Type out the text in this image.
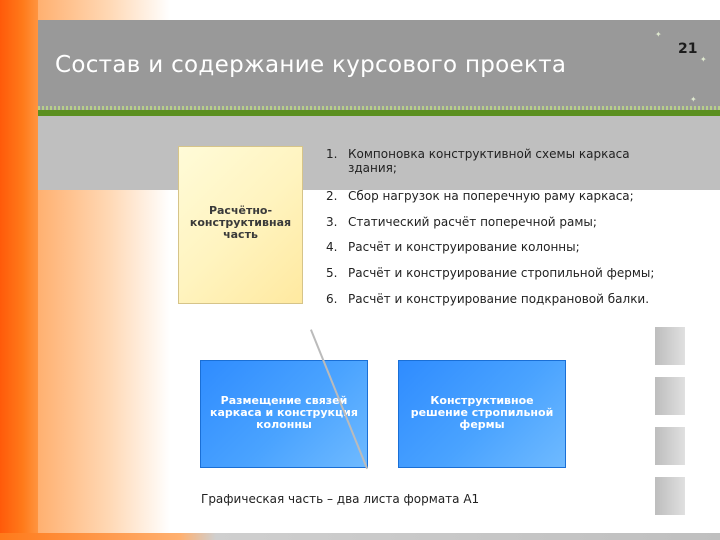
Состав и содержание курсового проекта
21
✦
✦
✦
Расчётно-
конструктивная
часть
1. Компоновка конструктивной схемы каркаса
здания;
2. Сбор нагрузок на поперечную раму каркаса;
3. Статический расчёт поперечной рамы;
4. Расчёт и конструирование колонны;
5. Расчёт и конструирование стропильной фермы;
6. Расчёт и конструирование подкрановой балки.
Размещение связей
каркаса и конструкция
колонны
Конструктивное
решение стропильной
фермы
Графическая часть – два листа формата А1
